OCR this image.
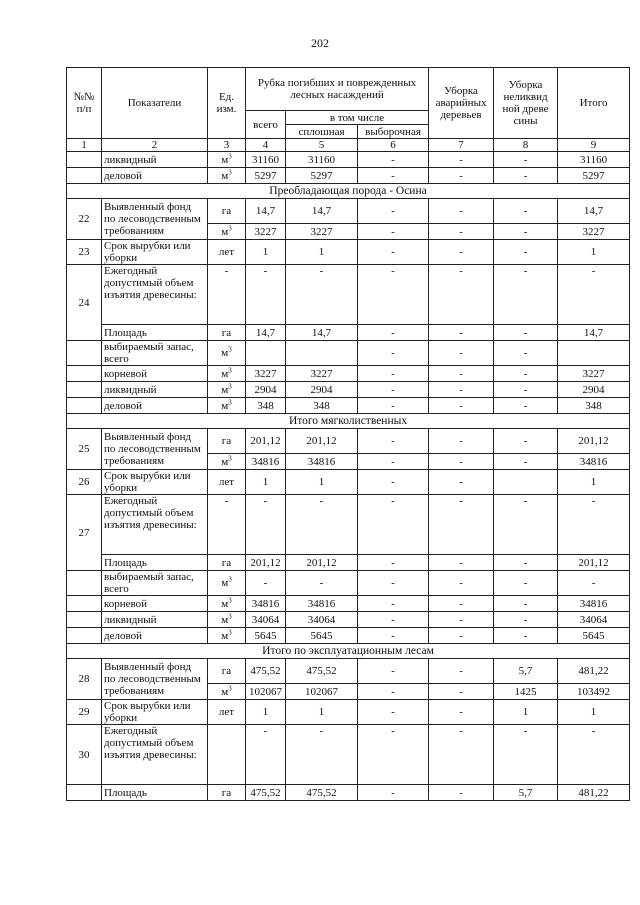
202
№№ п/п	Показатели	Ед. изм.	Рубка погибших и поврежденных лесных насаждений			Уборка аварийных деревьев	Уборка неликвид ной древе сины	Итого
			всего	в том числе				
				сплошная	выборочная			
1	2	3	4	5	6	7	8	9
	ликвидный	$м^3$	31160	31160	-	-	-	31160
	деловой	$м^3$	5297	5297	-	-	-	5297
Преобладающая порода - Осина								
22	Выявленный фонд по лесоводственным требованиям	га	14,7	14,7	-	-	-	14,7
		$м^3$	3227	3227	-	-	-	3227
23	Срок вырубки или уборки	лет	1	1	-	-	-	1
24	Ежегодный допустимый объем изъятия древесины:	-	-	-	-	-	-	-
	Площадь	га	14,7	14,7	-	-	-	14,7
	выбираемый запас, всего	$м^3$			-	-	-	
	корневой	$м^3$	3227	3227	-	-	-	3227
	ликвидный	$м^3$	2904	2904	-	-	-	2904
	деловой	$м^3$	348	348	-	-	-	348
Итого мягколиственных								
25	Выявленный фонд по лесоводственным требованиям	га	201,12	201,12	-	-	-	201,12
		$м^3$	34816	34816	-	-	-	34816
26	Срок вырубки или уборки	лет	1	1	-	-		1
27	Ежегодный допустимый объем изъятия древесины:	-	-	-	-	-	-	-
	Площадь	га	201,12	201,12	-	-	-	201,12
	выбираемый запас, всего	$м^3$	-	-	-	-	-	-
	корневой	$м^3$	34816	34816	-	-	-	34816
	ликвидный	$м^3$	34064	34064	-	-	-	34064
	деловой	$м^3$	5645	5645	-	-	-	5645
Итого по эксплуатационным лесам								
28	Выявленный фонд по лесоводственным требованиям	га	475,52	475,52	-	-	5,7	481,22
		$м^3$	102067	102067	-	-	1425	103492
29	Срок вырубки или уборки	лет	1	1	-	-	1	1
30	Ежегодный допустимый объем изъятия древесины:		-	-	-	-	-	-
	Площадь	га	475,52	475,52	-	-	5,7	481,22
